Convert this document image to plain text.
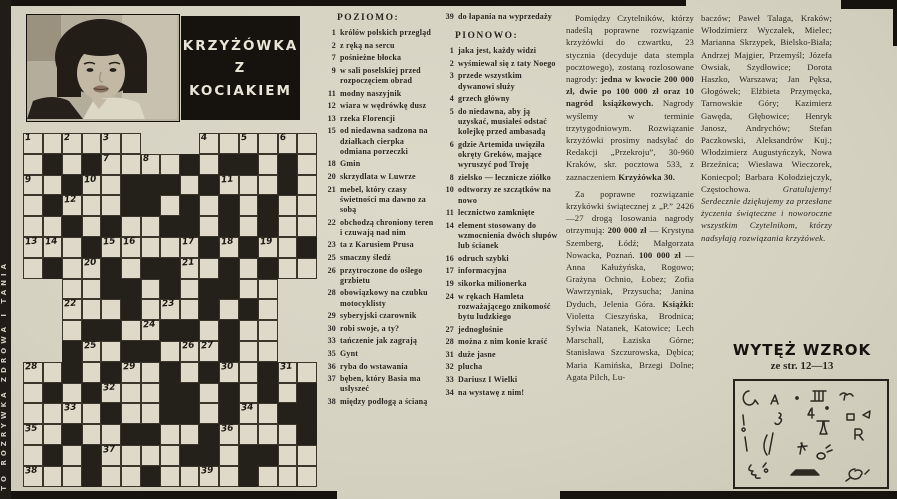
TO ROZRYWKA ZDROWA I TANIA
KRZYŻÓWKA
Z
KOCIAKIEM
1	2	3	4	5	6
7	8
9	10	11
12
13 14	15 16	17	18	19
20	21
22	23
24
25	26 27
28	29	30	31
32
33	34
35	36
37
38	39
POZIOMO:
1 królów polskich przegląd
2 z ręką na sercu
7 pośnieżne błocka
9 w sali poselskiej przed rozpoczęciem obrad
11 modny naszyjnik
12 wiara w wędrówkę dusz
13 rzeka Florencji
15 od niedawna sadzona na działkach cierpka odmiana porzeczki
18 Gmin
20 skrzydlata w Luwrze
21 mebel, który czasy świetności ma dawno za sobą
22 obchodzą chroniony teren i czuwają nad nim
23 ta z Karusiem Prusa
25 smaczny śledź
26 przytroczone do oślego grzbietu
28 obowiązkowy na czubku motocyklisty
29 syberyjski czarownik
30 robi swoje, a ty?
33 tańczenie jak zagrają
35 Gynt
36 ryba do wstawania
37 bęben, który Basia ma usłyszeć
38 między podłogą a ścianą
39 do łapania na wyprzedaży
PIONOWO:
1 jaka jest, każdy widzi
2 wyśmiewał się z taty Noego
3 przede wszystkim dywanowi służy
4 grzech główny
5 do niedawna, aby ją uzyskać, musiałeś odstać kolejkę przed ambasadą
6 gdzie Artemida uwięziła okręty Greków, mające wyruszyć pod Troję
8 zielsko — lecznicze ziółko
10 odtworzy ze szczątków na nowo
11 lecznictwo zamknięte
14 element stosowany do wzmocnienia dwóch słupów lub ścianek
16 odruch szybki
17 informacyjna
19 sikorka milionerka
24 w rękach Hamleta rozważającego znikomość bytu ludzkiego
27 jednogłośnie
28 można z nim konie kraść
31 duże jasne
32 plucha
33 Dariusz I Wielki
34 na wystawę z nim!

Pomiędzy Czytelników, którzy nadeślą poprawne rozwiązanie krzyżówki do czwartku, 23 stycznia (decyduje data stempla pocztowego), zostaną rozlosowane nagrody: jedna w kwocie 200 000 zł, dwie po 100 000 zł oraz 10 nagród książkowych. Nagrody wyślemy w terminie trzytygodniowym. Rozwiązanie krzyżówki prosimy nadsyłać do Redakcji „Przekroju”, 30-960 Kraków, skr. pocztowa 533, z zaznaczeniem Krzyżówka 30.

Za poprawne rozwiązanie krzykówki świątecznej z „P.” 2426—27 drogą losowania nagrody otrzymują: 200 000 zł — Krystyna Szemberg, Łódź; Małgorzata Nowacka, Poznań. 100 000 zł — Anna Kałużyńska, Rogowo; Grażyna Ochnio, Łobez; Zofia Wawrzyniak, Przysucha; Janina Dyduch, Jelenia Góra. Książki: Violetta Cieszyńska, Brodnica; Sylwia Natanek, Katowice; Lech Marschall, Łaziska Górne; Stanisława Szczurowska, Dębica; Maria Kamińska, Brzegi Dolne; Agata Pilch, Lu-

baczów; Paweł Talaga, Kraków; Włodzimierz Wyczałek, Mielec; Marianna Skrzypek, Bielsko-Biała; Andrzej Majgier, Przemyśl; Józefa Owsiak, Szydłowice; Dorota Haszko, Warszawa; Jan Pęksa, Głogówek; Elżbieta Przymęcka, Tarnowskie Góry; Kazimierz Gawęda, Głębowice; Henryk Janosz, Andrychów; Stefan Paczkowski, Aleksandrów Kuj.; Włodzimierz Augustyńczyk, Nowa Brzeźnica; Wiesława Wieczorek, Koniecpol; Barbara Kołodziejczyk, Częstochowa. Gratulujemy! Serdecznie dziękujemy za przesłane życzenia świąteczne i noworoczne wszystkim Czytelnikom, którzy nadsyłają rozwiązania krzyżówek.

WYTĘŻ WZROK
ze str. 12—13
